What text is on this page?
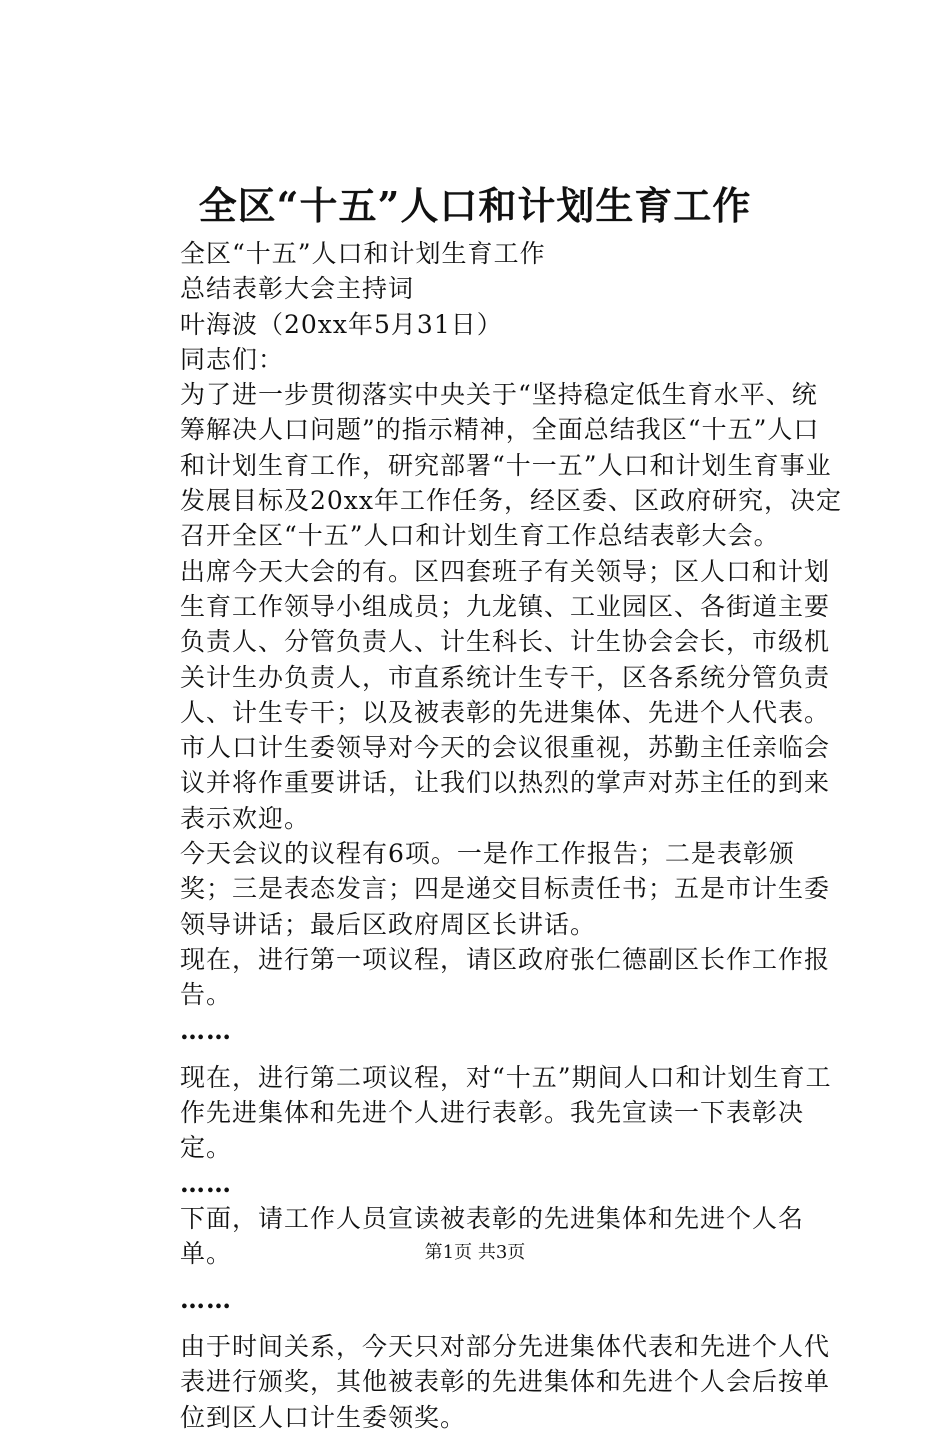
全区“十五”人口和计划生育工作

全区“十五”人口和计划生育工作

总结表彰大会主持词

叶海波（20xx年5月31日）

同志们：

为了进一步贯彻落实中央关于“坚持稳定低生育水平、统筹解决人口问题”的指示精神，全面总结我区“十五”人口和计划生育工作，研究部署“十一五”人口和计划生育事业发展目标及20xx年工作任务，经区委、区政府研究，决定召开全区“十五”人口和计划生育工作总结表彰大会。

出席今天大会的有。区四套班子有关领导；区人口和计划生育工作领导小组成员；九龙镇、工业园区、各街道主要负责人、分管负责人、计生科长、计生协会会长，市级机关计生办负责人，市直系统计生专干，区各系统分管负责人、计生专干；以及被表彰的先进集体、先进个人代表。市人口计生委领导对今天的会议很重视，苏勤主任亲临会议并将作重要讲话，让我们以热烈的掌声对苏主任的到来表示欢迎。

今天会议的议程有6项。一是作工作报告；二是表彰颁奖；三是表态发言；四是递交目标责任书；五是市计生委领导讲话；最后区政府周区长讲话。

现在，进行第一项议程，请区政府张仁德副区长作工作报告。

……

现在，进行第二项议程，对“十五”期间人口和计划生育工作先进集体和先进个人进行表彰。我先宣读一下表彰决定。

……

下面，请工作人员宣读被表彰的先进集体和先进个人名单。

……

由于时间关系，今天只对部分先进集体代表和先进个人代表进行颁奖，其他被表彰的先进集体和先进个人会后按单位到区人口计生委领奖。

第1页 共3页
